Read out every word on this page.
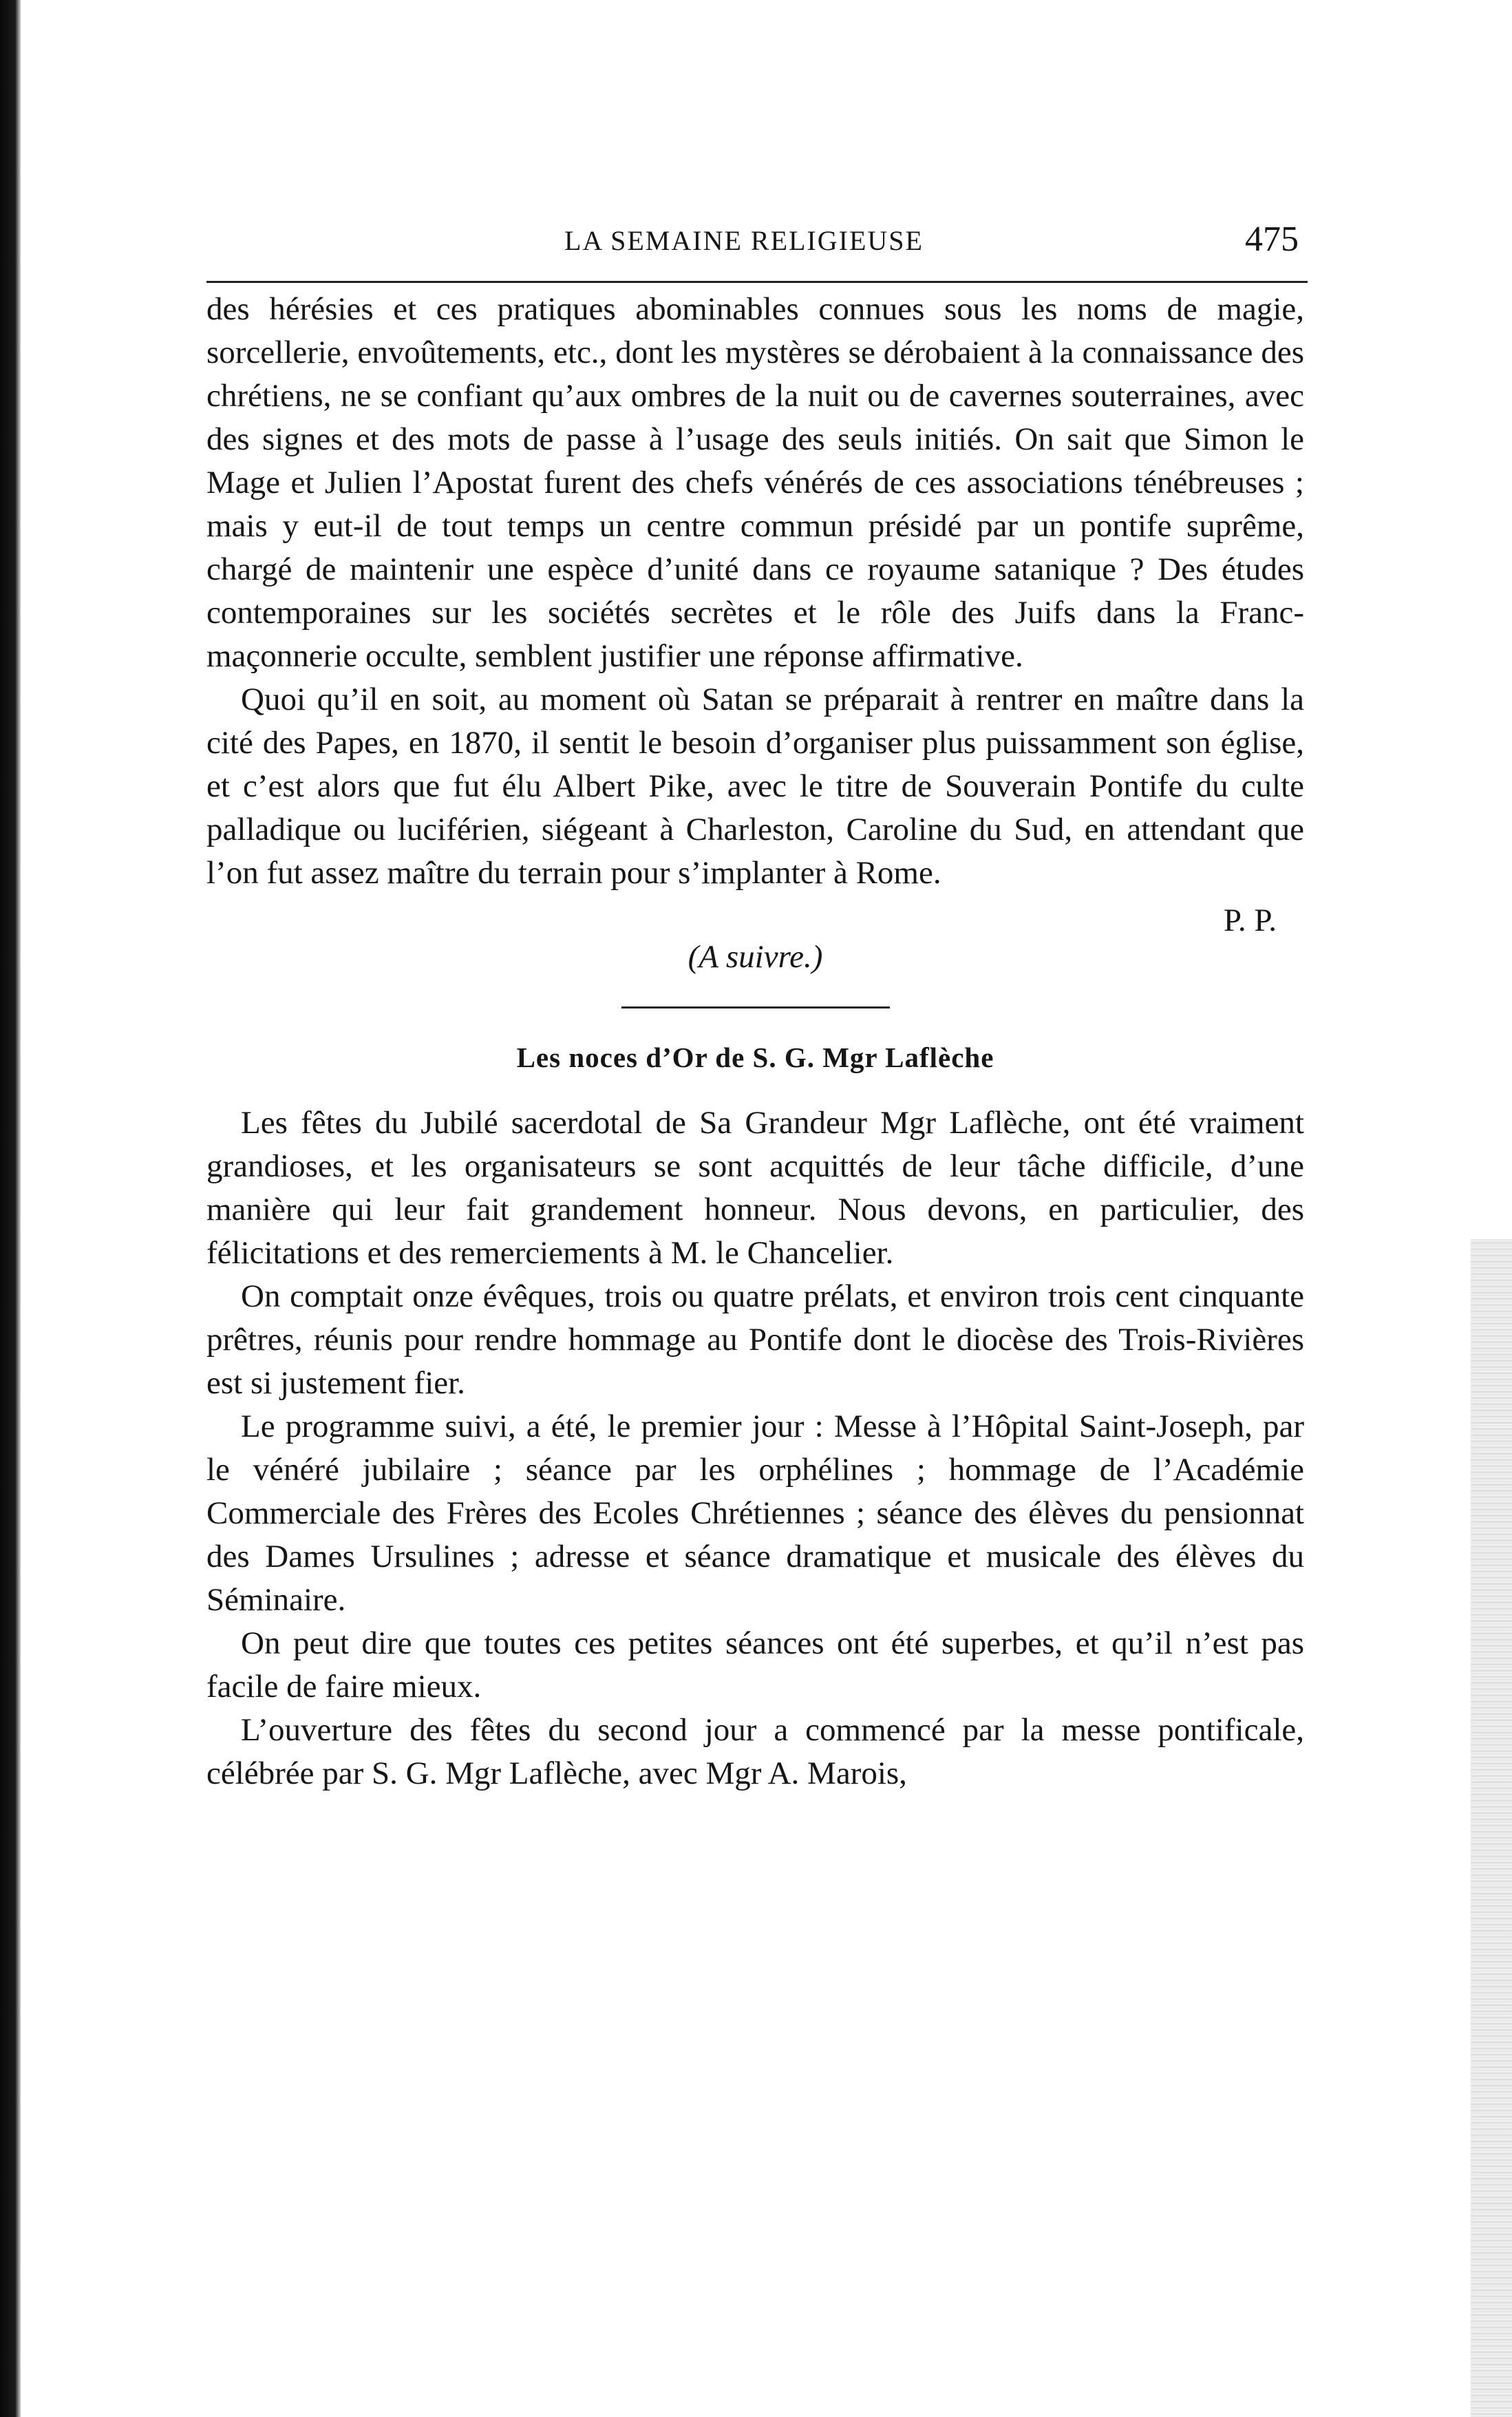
LA SEMAINE RELIGIEUSE	475

des hérésies et ces pratiques abominables connues sous les noms de magie, sorcellerie, envoûtements, etc., dont les mystères se dérobaient à la connaissance des chrétiens, ne se confiant qu’aux ombres de la nuit ou de cavernes souterraines, avec des signes et des mots de passe à l’usage des seuls initiés. On sait que Simon le Mage et Julien l’Apostat furent des chefs vénérés de ces associations ténébreuses ; mais y eut-il de tout temps un centre commun présidé par un pontife suprême, chargé de maintenir une espèce d’unité dans ce royaume satanique ? Des études contemporaines sur les sociétés secrètes et le rôle des Juifs dans la Franc-maçonnerie occulte, semblent justifier une réponse affirmative.

Quoi qu’il en soit, au moment où Satan se préparait à rentrer en maître dans la cité des Papes, en 1870, il sentit le besoin d’organiser plus puissamment son église, et c’est alors que fut élu Albert Pike, avec le titre de Souverain Pontife du culte palladique ou luciférien, siégeant à Charleston, Caroline du Sud, en attendant que l’on fut assez maître du terrain pour s’implanter à Rome.

P. P.

(A suivre.)

Les noces d’Or de S. G. Mgr Laflèche

Les fêtes du Jubilé sacerdotal de Sa Grandeur Mgr Laflèche, ont été vraiment grandioses, et les organisateurs se sont acquittés de leur tâche difficile, d’une manière qui leur fait grandement honneur. Nous devons, en particulier, des félicitations et des remerciements à M. le Chancelier.

On comptait onze évêques, trois ou quatre prélats, et environ trois cent cinquante prêtres, réunis pour rendre hommage au Pontife dont le diocèse des Trois-Rivières est si justement fier.

Le programme suivi, a été, le premier jour : Messe à l’Hôpital Saint-Joseph, par le vénéré jubilaire ; séance par les orphélines ; hommage de l’Académie Commerciale des Frères des Ecoles Chrétiennes ; séance des élèves du pensionnat des Dames Ursulines ; adresse et séance dramatique et musicale des élèves du Séminaire.

On peut dire que toutes ces petites séances ont été superbes, et qu’il n’est pas facile de faire mieux.

L’ouverture des fêtes du second jour a commencé par la messe pontificale, célébrée par S. G. Mgr Laflèche, avec Mgr A. Marois,
